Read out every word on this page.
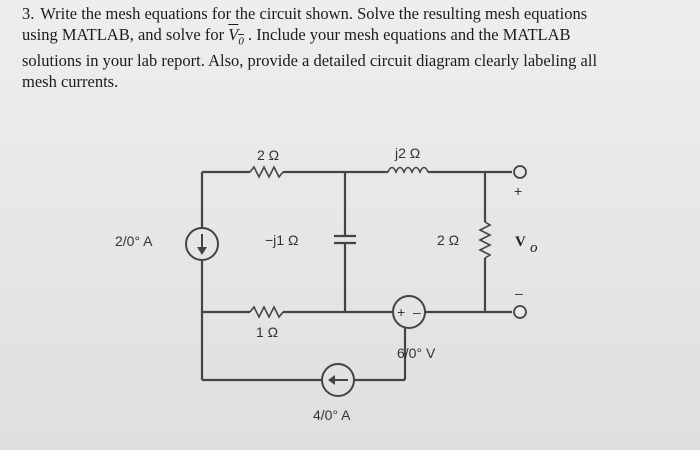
3. Write the mesh equations for the circuit shown. Solve the resulting mesh equations
using MATLAB, and solve for $V_0$ . Include your mesh equations and the MATLAB
solutions in your lab report. Also, provide a detailed circuit diagram clearly labeling all
mesh currents.
+ –
2 Ω	j2 Ω
−j1 Ω
1 Ω
2 Ω
2/0° A
4/0° A
6/0° V
+
V o
–
